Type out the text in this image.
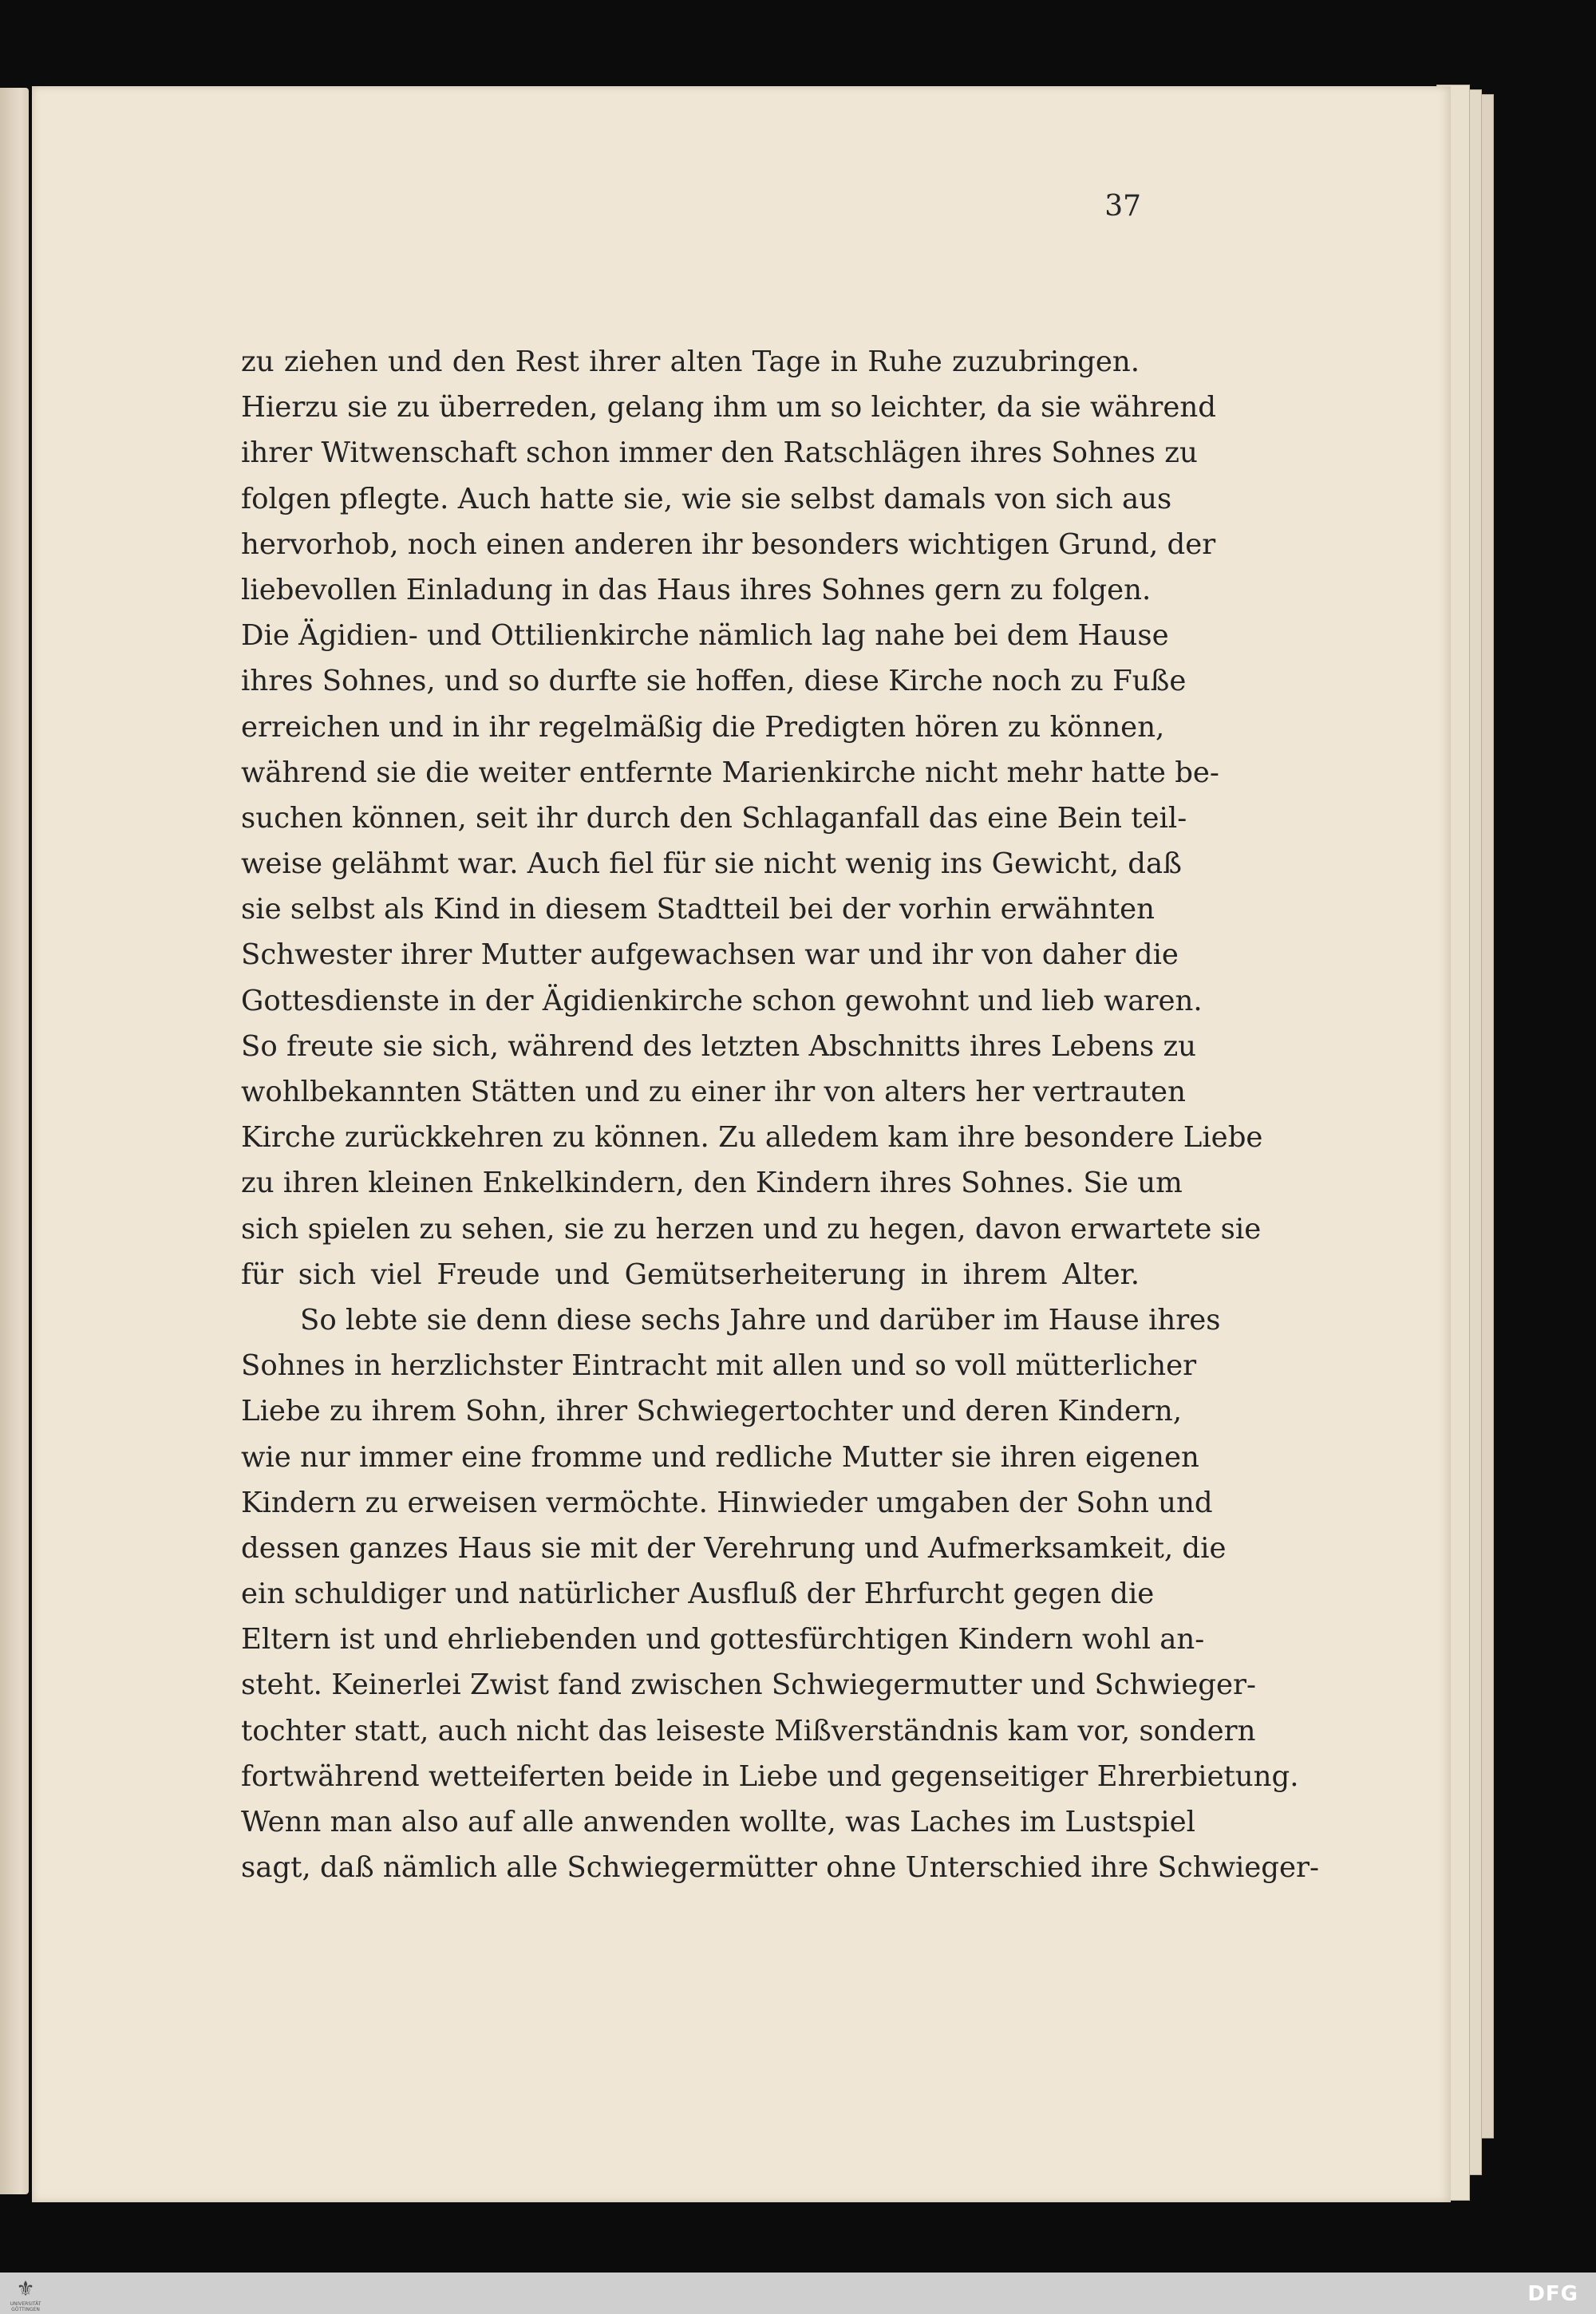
37
zu ziehen und den Rest ihrer alten Tage in Ruhe zuzubringen.
Hierzu sie zu überreden, gelang ihm um so leichter, da sie während
ihrer Witwenschaft schon immer den Ratschlägen ihres Sohnes zu
folgen pflegte. Auch hatte sie, wie sie selbst damals von sich aus
hervorhob, noch einen anderen ihr besonders wichtigen Grund, der
liebevollen Einladung in das Haus ihres Sohnes gern zu folgen.
Die Ägidien- und Ottilienkirche nämlich lag nahe bei dem Hause
ihres Sohnes, und so durfte sie hoffen, diese Kirche noch zu Fuße
erreichen und in ihr regelmäßig die Predigten hören zu können,
während sie die weiter entfernte Marienkirche nicht mehr hatte be-
suchen können, seit ihr durch den Schlaganfall das eine Bein teil-
weise gelähmt war. Auch fiel für sie nicht wenig ins Gewicht, daß
sie selbst als Kind in diesem Stadtteil bei der vorhin erwähnten
Schwester ihrer Mutter aufgewachsen war und ihr von daher die
Gottesdienste in der Ägidienkirche schon gewohnt und lieb waren.
So freute sie sich, während des letzten Abschnitts ihres Lebens zu
wohlbekannten Stätten und zu einer ihr von alters her vertrauten
Kirche zurückkehren zu können. Zu alledem kam ihre besondere Liebe
zu ihren kleinen Enkelkindern, den Kindern ihres Sohnes. Sie um
sich spielen zu sehen, sie zu herzen und zu hegen, davon erwartete sie
für sich viel Freude und Gemütserheiterung in ihrem Alter.
So lebte sie denn diese sechs Jahre und darüber im Hause ihres
Sohnes in herzlichster Eintracht mit allen und so voll mütterlicher
Liebe zu ihrem Sohn, ihrer Schwiegertochter und deren Kindern,
wie nur immer eine fromme und redliche Mutter sie ihren eigenen
Kindern zu erweisen vermöchte. Hinwieder umgaben der Sohn und
dessen ganzes Haus sie mit der Verehrung und Aufmerksamkeit, die
ein schuldiger und natürlicher Ausfluß der Ehrfurcht gegen die
Eltern ist und ehrliebenden und gottesfürchtigen Kindern wohl an-
steht. Keinerlei Zwist fand zwischen Schwiegermutter und Schwieger-
tochter statt, auch nicht das leiseste Mißverständnis kam vor, sondern
fortwährend wetteiferten beide in Liebe und gegenseitiger Ehrerbietung.
Wenn man also auf alle anwenden wollte, was Laches im Lustspiel
sagt, daß nämlich alle Schwiegermütter ohne Unterschied ihre Schwieger-
⚜
UNIVERSITÄT GÖTTINGEN
DFG
